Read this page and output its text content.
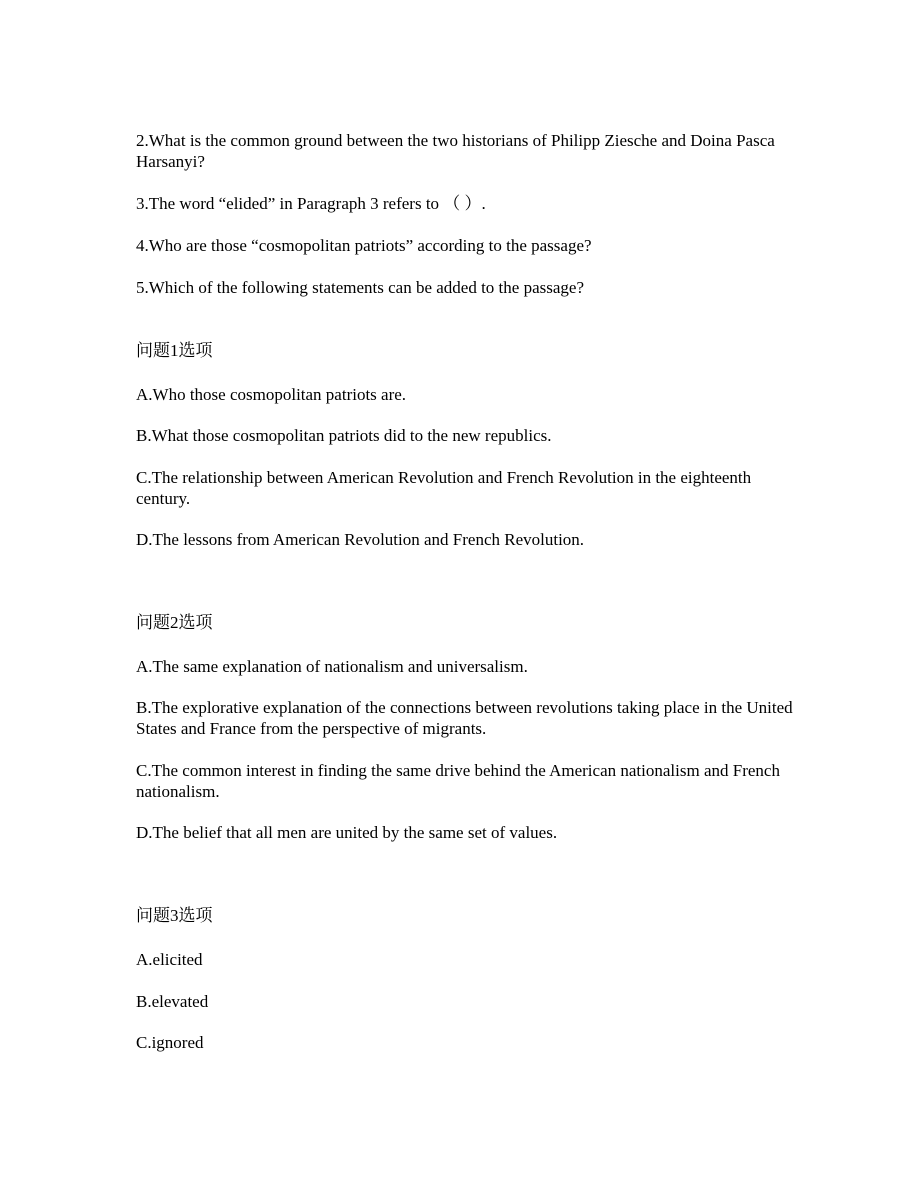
2.What is the common ground between the two historians of Philipp Ziesche and Doina Pasca Harsanyi?
3.The word “elided” in Paragraph 3 refers to （ ）.
4.Who are those “cosmopolitan patriots” according to the passage?
5.Which of the following statements can be added to the passage?
问题1选项
A.Who those cosmopolitan patriots are.
B.What those cosmopolitan patriots did to the new republics.
C.The relationship between American Revolution and French Revolution in the eighteenth century.
D.The lessons from American Revolution and French Revolution.
问题2选项
A.The same explanation of nationalism and universalism.
B.The explorative explanation of the connections between revolutions taking place in the United States and France from the perspective of migrants.
C.The common interest in finding the same drive behind the American nationalism and French nationalism.
D.The belief that all men are united by the same set of values.
问题3选项
A.elicited
B.elevated
C.ignored
